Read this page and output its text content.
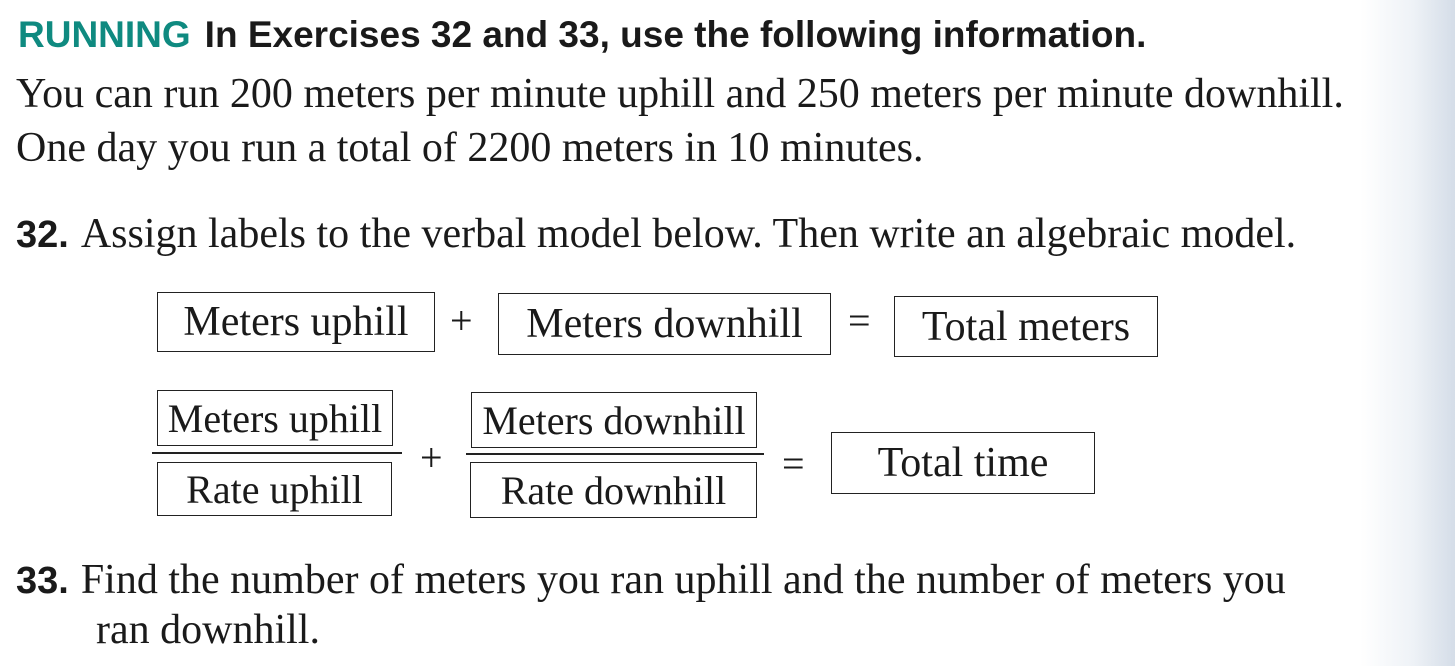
RUNNING In Exercises 32 and 33, use the following information.
You can run 200 meters per minute uphill and 250 meters per minute downhill.
One day you run a total of 2200 meters in 10 minutes.
32. Assign labels to the verbal model below. Then write an algebraic model.
Meters uphill	+	Meters downhill	=	Total meters
Meters uphill
Rate uphill
+
Meters downhill
Rate downhill
=	Total time
33. Find the number of meters you ran uphill and the number of meters you
ran downhill.
